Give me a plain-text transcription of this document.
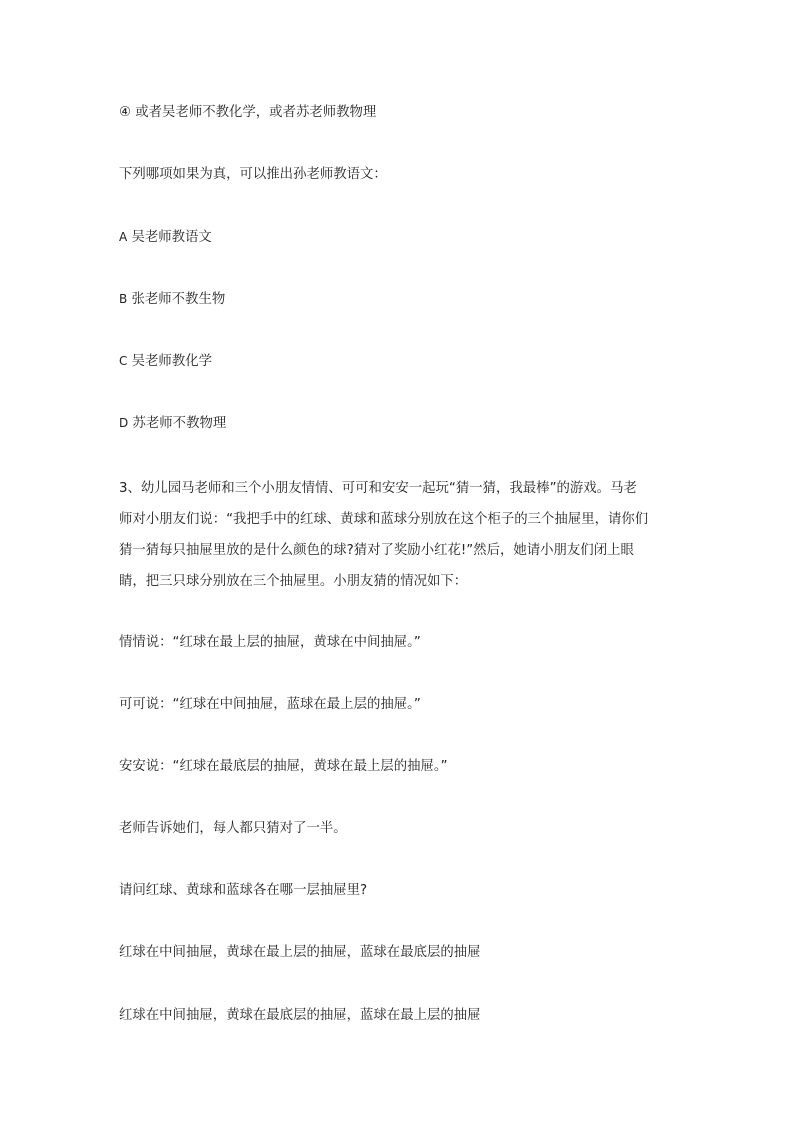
④ 或者吴老师不教化学，或者苏老师教物理

下列哪项如果为真，可以推出孙老师教语文：

A 吴老师教语文

B 张老师不教生物

C 吴老师教化学

D 苏老师不教物理

3、幼儿园马老师和三个小朋友情情、可可和安安一起玩“猜一猜，我最棒”的游戏。马老
师对小朋友们说：“我把手中的红球、黄球和蓝球分别放在这个柜子的三个抽屉里，请你们
猜一猜每只抽屉里放的是什么颜色的球?猜对了奖励小红花!”然后，她请小朋友们闭上眼
睛，把三只球分别放在三个抽屉里。小朋友猜的情况如下：

情情说：“红球在最上层的抽屉，黄球在中间抽屉。”

可可说：“红球在中间抽屉，蓝球在最上层的抽屉。”

安安说：“红球在最底层的抽屉，黄球在最上层的抽屉。”

老师告诉她们，每人都只猜对了一半。

请问红球、黄球和蓝球各在哪一层抽屉里?

红球在中间抽屉，黄球在最上层的抽屉，蓝球在最底层的抽屉

红球在中间抽屉，黄球在最底层的抽屉，蓝球在最上层的抽屉
